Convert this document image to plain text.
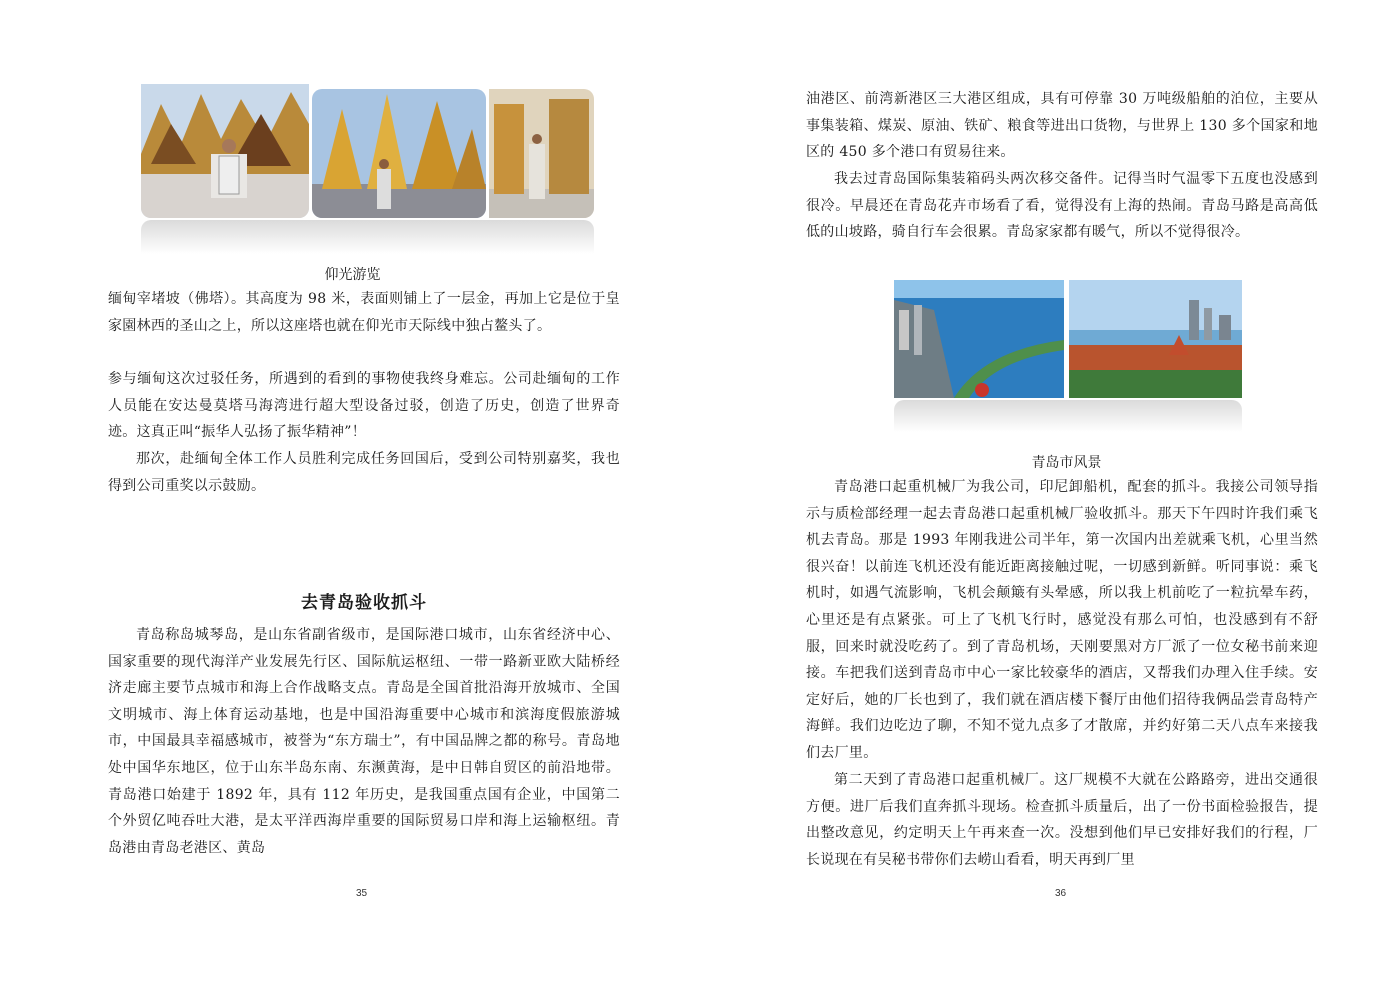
仰光游览

缅甸宰堵坡（佛塔）。其高度为 98 米，表面则铺上了一层金，再加上它是位于皇家園林西的圣山之上，所以这座塔也就在仰光市天际线中独占鳌头了。

参与缅甸这次过驳任务，所遇到的看到的事物使我终身难忘。公司赴缅甸的工作人员能在安达曼莫塔马海湾进行超大型设备过驳，创造了历史，创造了世界奇迹。这真正叫“振华人弘扬了振华精神”！

那次，赴缅甸全体工作人员胜利完成任务回国后，受到公司特别嘉奖，我也得到公司重奖以示鼓励。

去青岛验收抓斗

青岛称岛城琴岛，是山东省副省级市，是国际港口城市，山东省经济中心、国家重要的现代海洋产业发展先行区、国际航运枢纽、一带一路新亚欧大陆桥经济走廊主要节点城市和海上合作战略支点。青岛是全国首批沿海开放城市、全国文明城市、海上体育运动基地，也是中国沿海重要中心城市和滨海度假旅游城市，中国最具幸福感城市，被誉为“东方瑞士”，有中国品牌之都的称号。青岛地处中国华东地区，位于山东半岛东南、东濒黄海，是中日韩自贸区的前沿地带。青岛港口始建于 1892 年，具有 112 年历史，是我国重点国有企业，中国第二个外贸亿吨吞吐大港，是太平洋西海岸重要的国际贸易口岸和海上运输枢纽。青岛港由青岛老港区、黄岛

35

油港区、前湾新港区三大港区组成，具有可停靠 30 万吨级船舶的泊位，主要从事集装箱、煤炭、原油、铁矿、粮食等进出口货物，与世界上 130 多个国家和地区的 450 多个港口有贸易往来。

我去过青岛国际集装箱码头两次移交备件。记得当时气温零下五度也没感到很冷。早晨还在青岛花卉市场看了看，觉得没有上海的热闹。青岛马路是高高低低的山坡路，骑自行车会很累。青岛家家都有暖气，所以不觉得很冷。

青岛市风景

青岛港口起重机械厂为我公司，印尼卸船机，配套的抓斗。我接公司领导指示与质检部经理一起去青岛港口起重机械厂验收抓斗。那天下午四时许我们乘飞机去青岛。那是 1993 年刚我进公司半年，第一次国内出差就乘飞机，心里当然很兴奋！以前连飞机还没有能近距离接触过呢，一切感到新鲜。听同事说：乘飞机时，如遇气流影响，飞机会颠簸有头晕感，所以我上机前吃了一粒抗晕车药，心里还是有点紧张。可上了飞机飞行时，感觉没有那么可怕，也没感到有不舒服，回来时就没吃药了。到了青岛机场，天刚要黑对方厂派了一位女秘书前来迎接。车把我们送到青岛市中心一家比较豪华的酒店，又帮我们办理入住手续。安定好后，她的厂长也到了，我们就在酒店楼下餐厅由他们招待我俩品尝青岛特产海鲜。我们边吃边了聊，不知不觉九点多了才散席，并约好第二天八点车来接我们去厂里。

第二天到了青岛港口起重机械厂。这厂规模不大就在公路路旁，进出交通很方便。进厂后我们直奔抓斗现场。检查抓斗质量后，出了一份书面检验报告，提出整改意见，约定明天上午再来查一次。没想到他们早已安排好我们的行程，厂长说现在有吴秘书带你们去崂山看看，明天再到厂里

36
